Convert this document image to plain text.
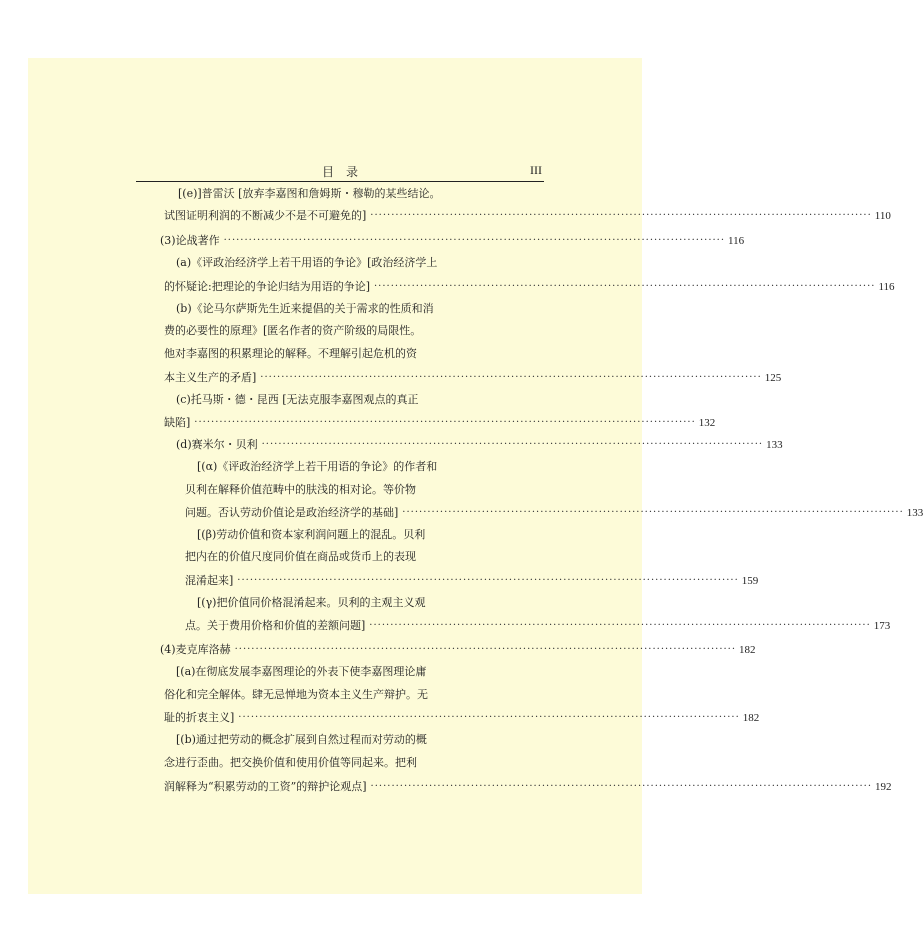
目　录	III
[(e)]普雷沃 [放弃李嘉图和詹姆斯・穆勒的某些结论。
试图证明利润的不断减少不是不可避免的] ························································································································ 110
(3)论战著作 ························································································································ 116
(a)《评政治经济学上若干用语的争论》[政治经济学上
的怀疑论:把理论的争论归结为用语的争论] ························································································································ 116
(b)《论马尔萨斯先生近来提倡的关于需求的性质和消
费的必要性的原理》[匿名作者的资产阶级的局限性。
他对李嘉图的积累理论的解释。不理解引起危机的资
本主义生产的矛盾] ························································································································ 125
(c)托马斯・德・昆西 [无法克服李嘉图观点的真正
缺陷] ························································································································ 132
(d)赛米尔・贝利 ························································································································ 133
[(α)《评政治经济学上若干用语的争论》的作者和
贝利在解释价值范畴中的肤浅的相对论。等价物
问题。否认劳动价值论是政治经济学的基础] ························································································································ 133
[(β)劳动价值和资本家利润问题上的混乱。贝利
把内在的价值尺度同价值在商品或货币上的表现
混淆起来] ························································································································ 159
[(γ)把价值同价格混淆起来。贝利的主观主义观
点。关于费用价格和价值的差额问题] ························································································································ 173
(4)麦克库洛赫 ························································································································ 182
[(a)在彻底发展李嘉图理论的外表下使李嘉图理论庸
俗化和完全解体。肆无忌惮地为资本主义生产辩护。无
耻的折衷主义] ························································································································ 182
[(b)通过把劳动的概念扩展到自然过程而对劳动的概
念进行歪曲。把交换价值和使用价值等同起来。把利
润解释为“积累劳动的工资”的辩护论观点] ························································································································ 192
